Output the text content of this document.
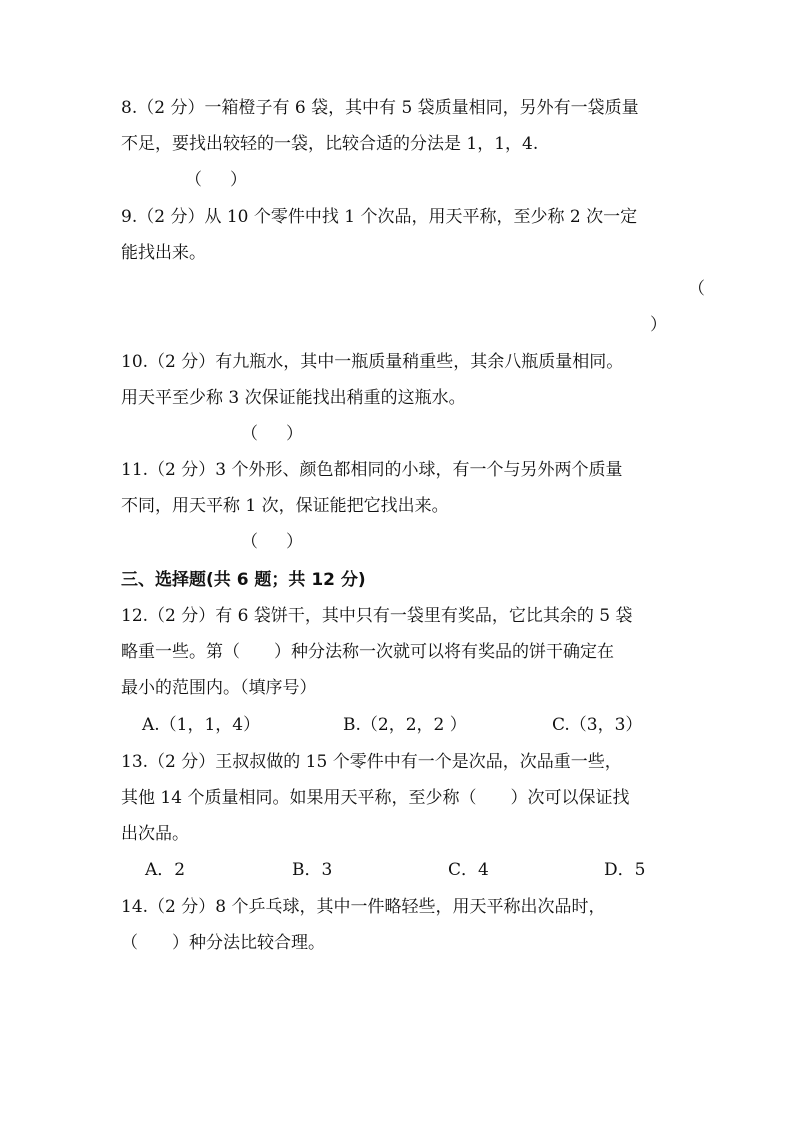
8.（2 分）一箱橙子有 6 袋，其中有 5 袋质量相同，另外有一袋质量
不足，要找出较轻的一袋，比较合适的分法是 1，1，4.
（ ）
9.（2 分）从 10 个零件中找 1 个次品，用天平称，至少称 2 次一定
能找出来。
（
）
10.（2 分）有九瓶水，其中一瓶质量稍重些，其余八瓶质量相同。
用天平至少称 3 次保证能找出稍重的这瓶水。
（ ）
11.（2 分）3 个外形、颜色都相同的小球，有一个与另外两个质量
不同，用天平称 1 次，保证能把它找出来。
（ ）
三、选择题(共 6 题；共 12 分)
12.（2 分）有 6 袋饼干，其中只有一袋里有奖品，它比其余的 5 袋
略重一些。第（　　）种分法称一次就可以将有奖品的饼干确定在
最小的范围内。（填序号）
A.（1，1，4）	B.（2，2，2 ）	C.（3，3）
13.（2 分）王叔叔做的 15 个零件中有一个是次品，次品重一些，
其他 14 个质量相同。如果用天平称，至少称（　　）次可以保证找
出次品。
A．2	B．3	C．4	D．5
14.（2 分）8 个乒乓球，其中一件略轻些，用天平称出次品时，
（　　）种分法比较合理。
